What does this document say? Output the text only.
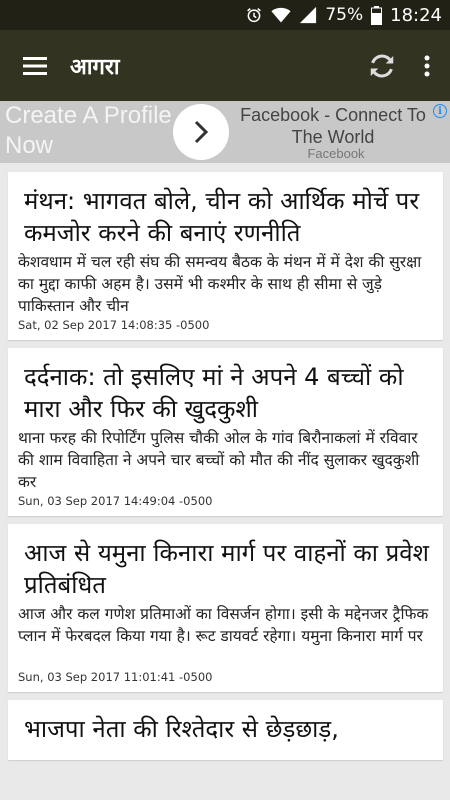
75% 18:24
आगरा
Create A Profile Now
Facebook - Connect To The World
Facebook
i
मंथन: भागवत बोले, चीन को आर्थिक मोर्चे पर कमजोर करने की बनाएं रणनीति
केशवधाम में चल रही संघ की समन्वय बैठक के मंथन में में देश की सुरक्षा का मुद्दा काफी अहम है। उसमें भी कश्मीर के साथ ही सीमा से जुड़े पाकिस्तान और चीन
Sat, 02 Sep 2017 14:08:35 -0500
दर्दनाक: तो इसलिए मां ने अपने 4 बच्चों को मारा और फिर की खुदकुशी
थाना फरह की रिपोर्टिंग पुलिस चौकी ओल के गांव बिरौनाकलां में रविवार की शाम विवाहिता ने अपने चार बच्चों को मौत की नींद सुलाकर खुदकुशी कर
Sun, 03 Sep 2017 14:49:04 -0500
आज से यमुना किनारा मार्ग पर वाहनों का प्रवेश प्रतिबंधित
आज और कल गणेश प्रतिमाओं का विसर्जन होगा। इसी के मद्देनजर ट्रैफिक प्लान में फेरबदल किया गया है। रूट डायवर्ट रहेगा। यमुना किनारा मार्ग पर
Sun, 03 Sep 2017 11:01:41 -0500
भाजपा नेता की रिश्तेदार से छेड़छाड़,
